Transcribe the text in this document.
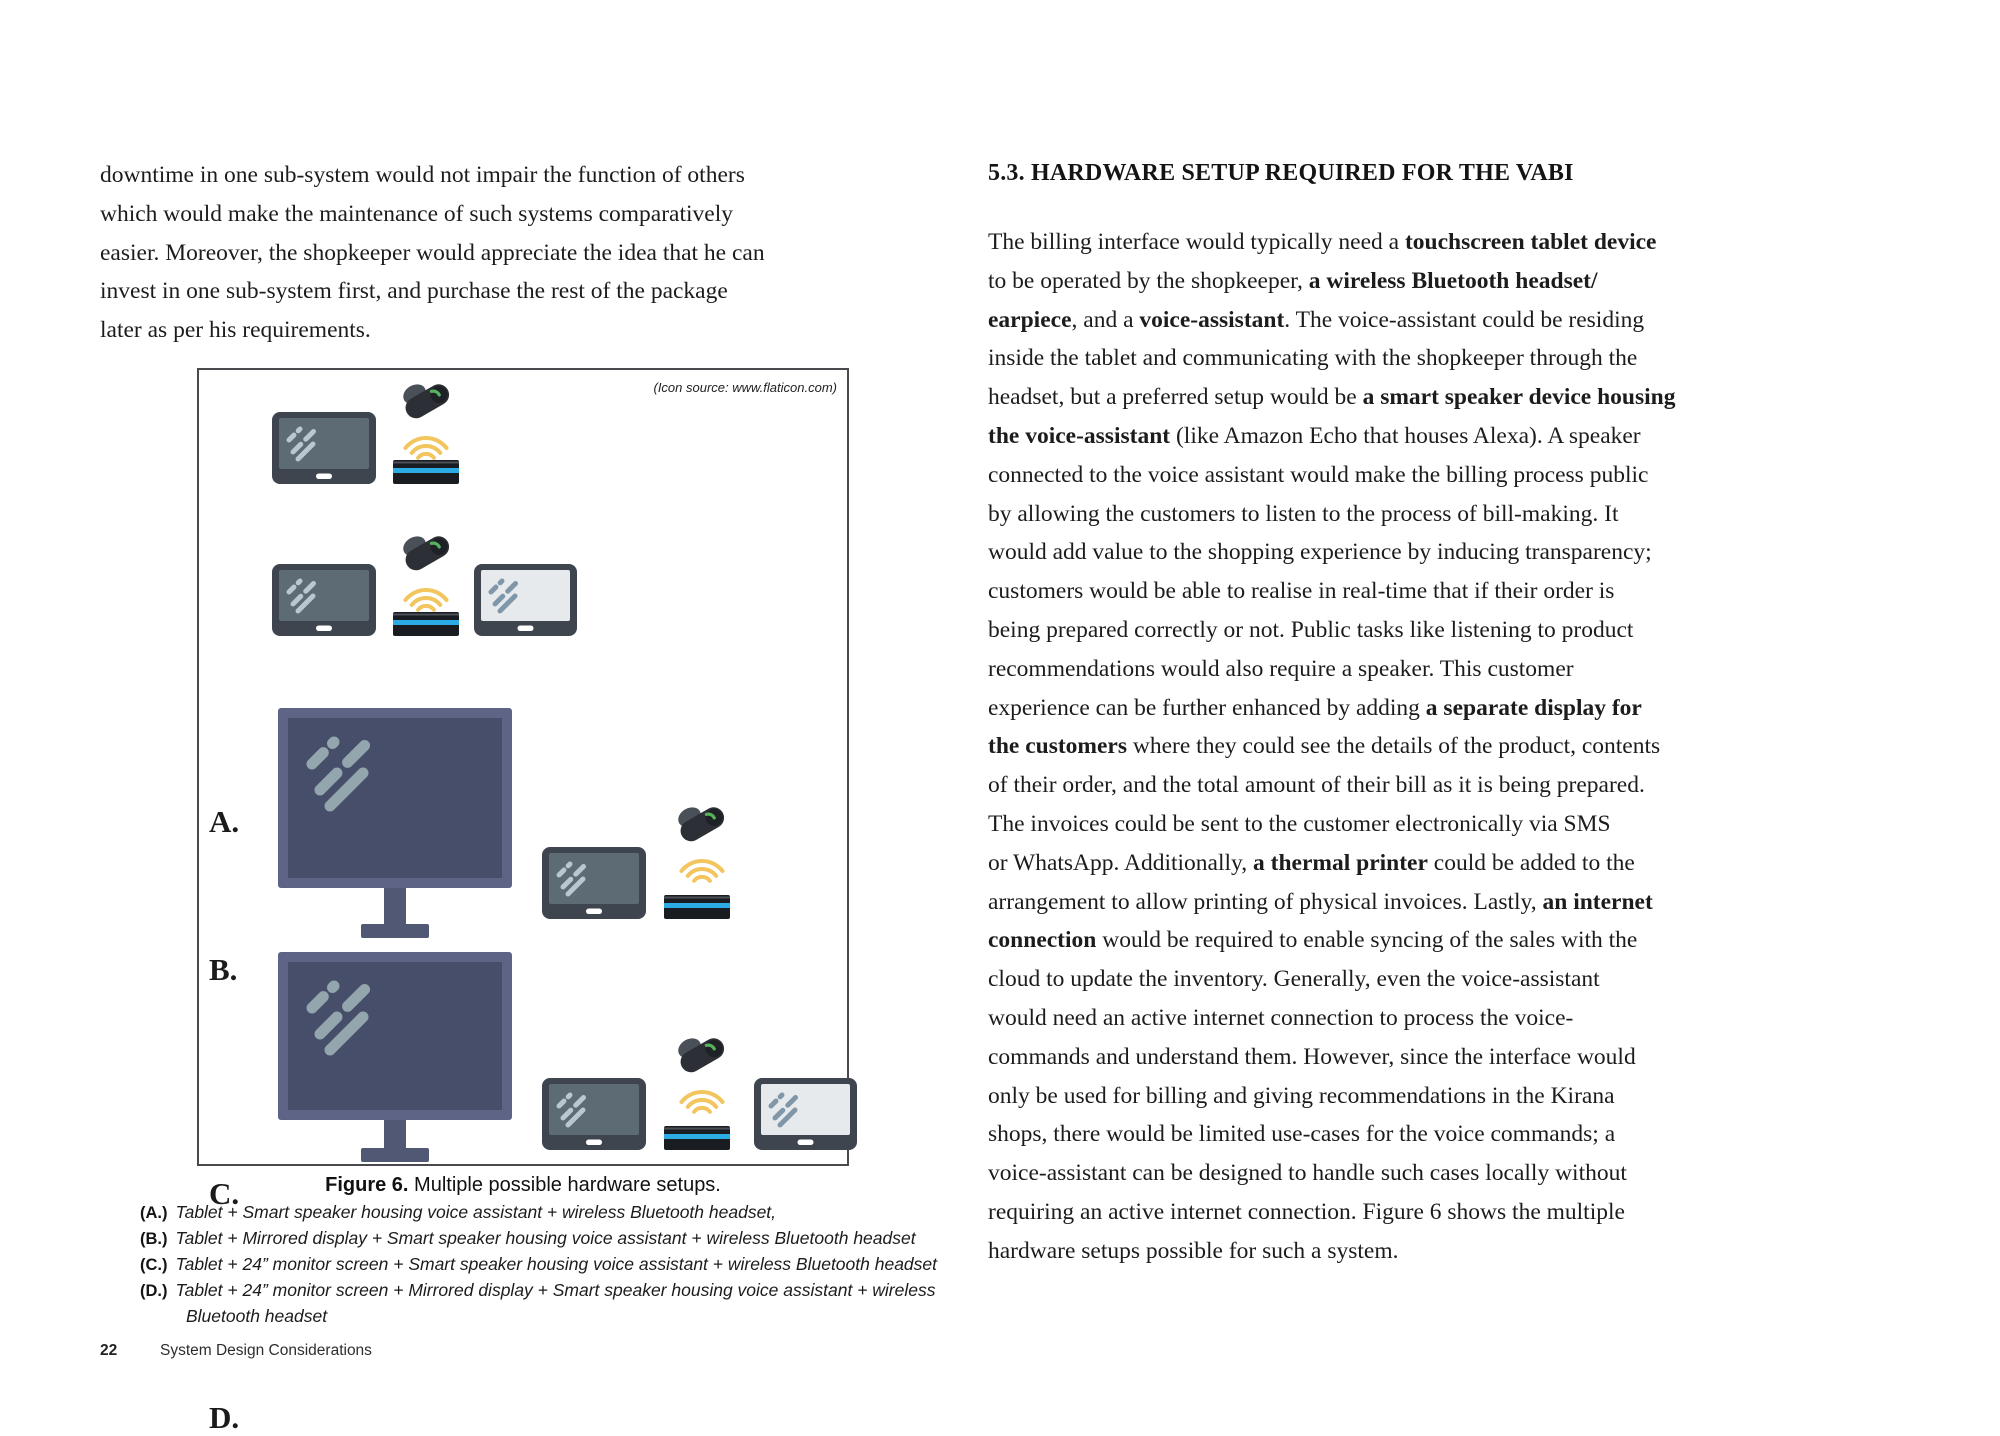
downtime in one sub-system would not impair the function of others
which would make the maintenance of such systems comparatively
easier. Moreover, the shopkeeper would appreciate the idea that he can
invest in one sub-system first, and purchase the rest of the package
later as per his requirements.
5.3. HARDWARE SETUP REQUIRED FOR THE VABI
The billing interface would typically need a touchscreen tablet device
to be operated by the shopkeeper, a wireless Bluetooth headset/
earpiece, and a voice-assistant. The voice-assistant could be residing
inside the tablet and communicating with the shopkeeper through the
headset, but a preferred setup would be a smart speaker device housing
the voice-assistant (like Amazon Echo that houses Alexa). A speaker
connected to the voice assistant would make the billing process public
by allowing the customers to listen to the process of bill-making. It
would add value to the shopping experience by inducing transparency;
customers would be able to realise in real-time that if their order is
being prepared correctly or not. Public tasks like listening to product
recommendations would also require a speaker. This customer
experience can be further enhanced by adding a separate display for
the customers where they could see the details of the product, contents
of their order, and the total amount of their bill as it is being prepared.
The invoices could be sent to the customer electronically via SMS
or WhatsApp. Additionally, a thermal printer could be added to the
arrangement to allow printing of physical invoices. Lastly, an internet
connection would be required to enable syncing of the sales with the
cloud to update the inventory. Generally, even the voice-assistant
would need an active internet connection to process the voice-
commands and understand them. However, since the interface would
only be used for billing and giving recommendations in the Kirana
shops, there would be limited use-cases for the voice commands; a
voice-assistant can be designed to handle such cases locally without
requiring an active internet connection. Figure 6 shows the multiple
hardware setups possible for such a system.
(Icon source: www.flaticon.com)
A.
B.
C.
D.
Figure 6. Multiple possible hardware setups.
(A.) Tablet + Smart speaker housing voice assistant + wireless Bluetooth headset,
(B.) Tablet + Mirrored display + Smart speaker housing voice assistant + wireless Bluetooth headset
(C.) Tablet + 24” monitor screen + Smart speaker housing voice assistant + wireless Bluetooth headset
(D.) Tablet + 24” monitor screen + Mirrored display + Smart speaker housing voice assistant + wireless
Bluetooth headset
22	System Design Considerations
